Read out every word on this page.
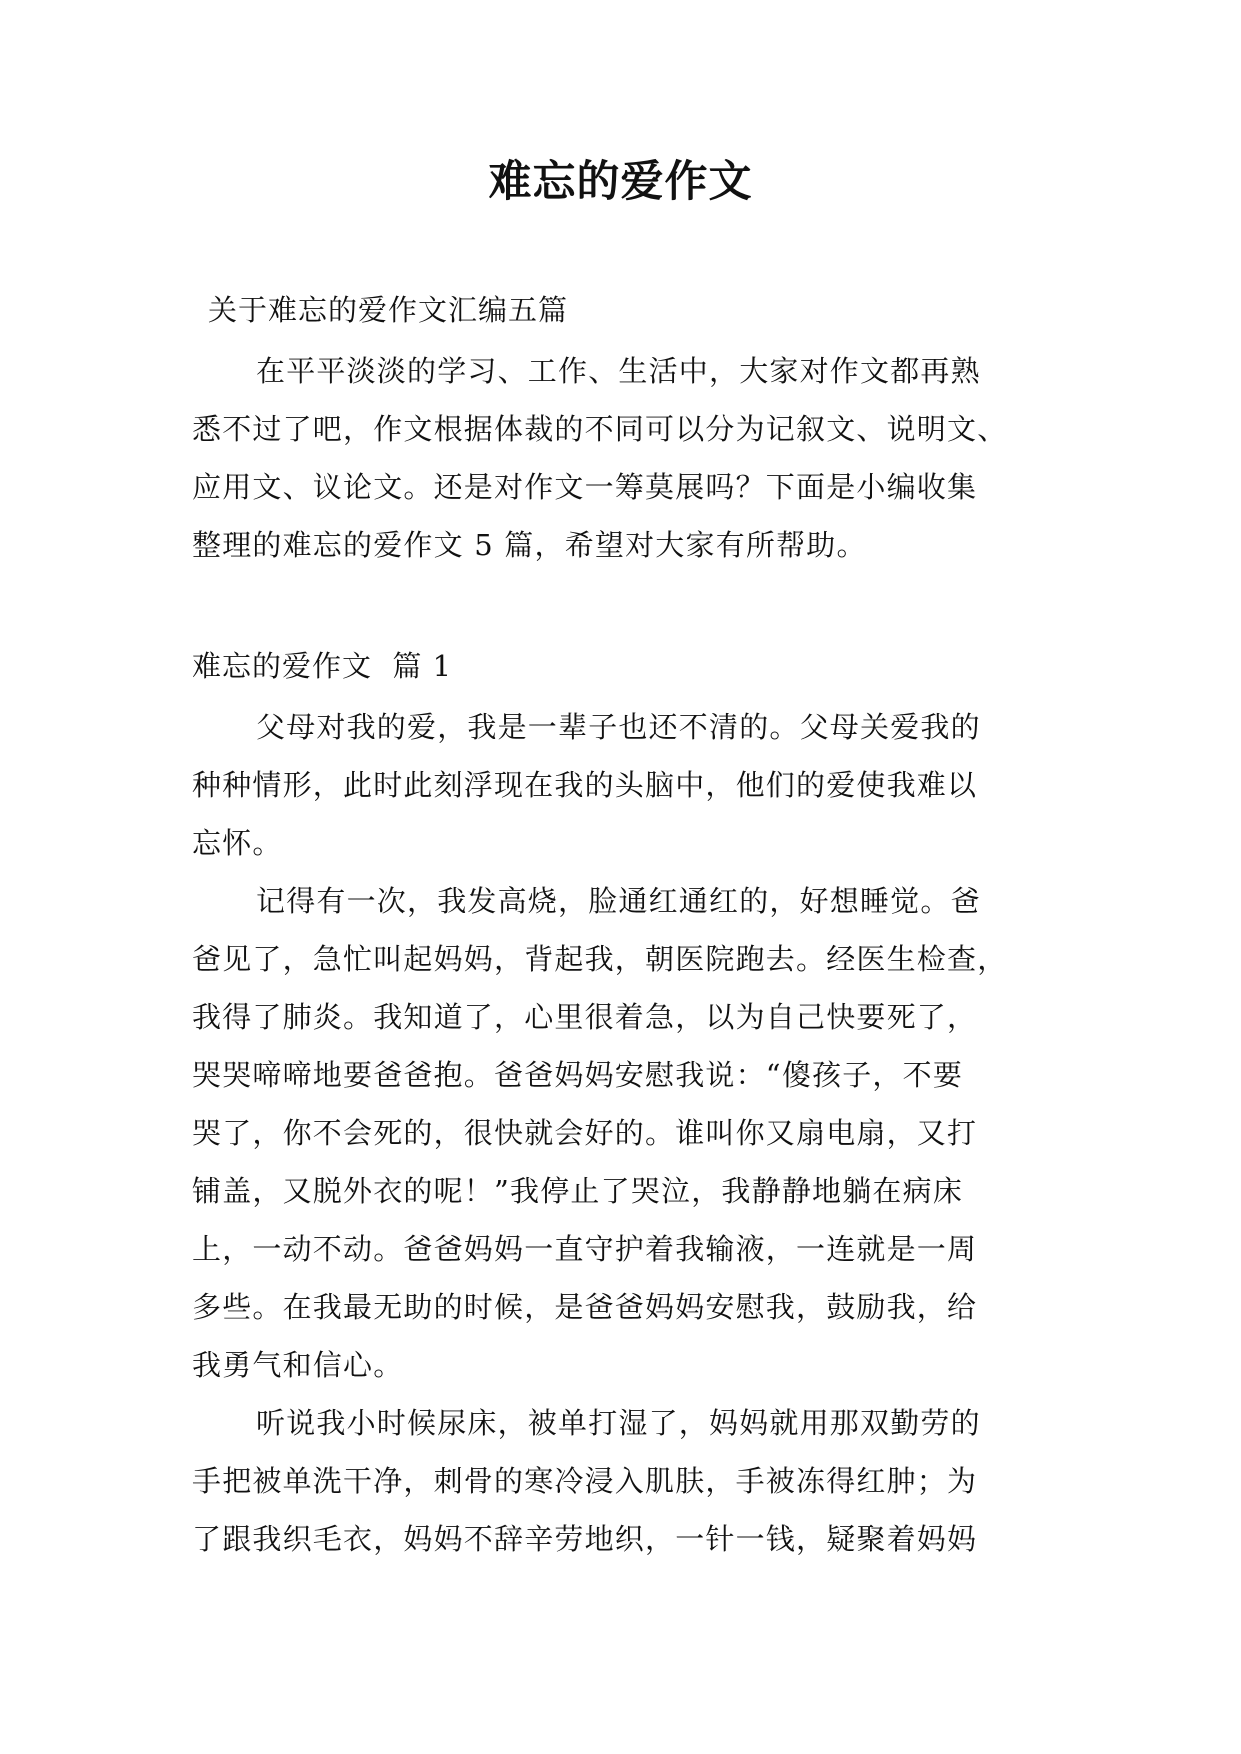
难忘的爱作文
关于难忘的爱作文汇编五篇
在平平淡淡的学习、工作、生活中，大家对作文都再熟
悉不过了吧，作文根据体裁的不同可以分为记叙文、说明文、
应用文、议论文。还是对作文一筹莫展吗？下面是小编收集
整理的难忘的爱作文 5 篇，希望对大家有所帮助。
难忘的爱作文  篇 1
父母对我的爱，我是一辈子也还不清的。父母关爱我的
种种情形，此时此刻浮现在我的头脑中，他们的爱使我难以
忘怀。
记得有一次，我发高烧，脸通红通红的，好想睡觉。爸
爸见了，急忙叫起妈妈，背起我，朝医院跑去。经医生检查，
我得了肺炎。我知道了，心里很着急，以为自己快要死了，
哭哭啼啼地要爸爸抱。爸爸妈妈安慰我说：“傻孩子，不要
哭了，你不会死的，很快就会好的。谁叫你又扇电扇，又打
铺盖，又脱外衣的呢！”我停止了哭泣，我静静地躺在病床
上，一动不动。爸爸妈妈一直守护着我输液，一连就是一周
多些。在我最无助的时候，是爸爸妈妈安慰我，鼓励我，给
我勇气和信心。
听说我小时候尿床，被单打湿了，妈妈就用那双勤劳的
手把被单洗干净，刺骨的寒冷浸入肌肤，手被冻得红肿；为
了跟我织毛衣，妈妈不辞辛劳地织，一针一钱，疑聚着妈妈
